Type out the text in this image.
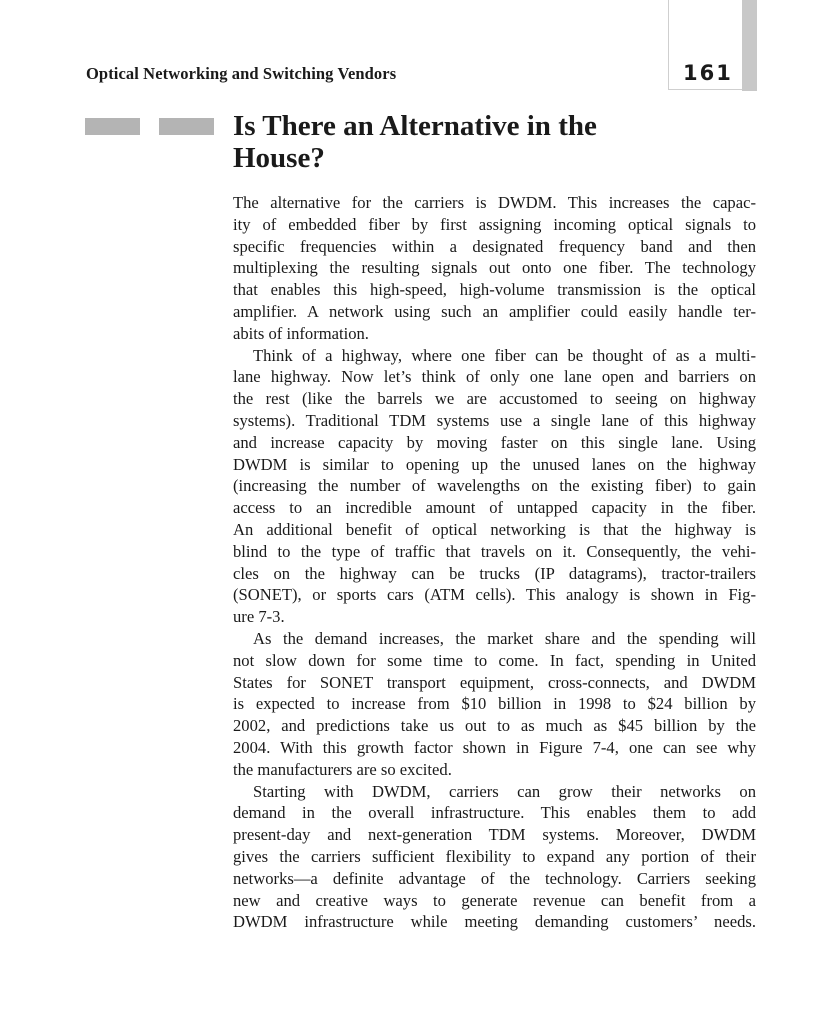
Optical Networking and Switching Vendors	161
Is There an Alternative in the
House?
The alternative for the carriers is DWDM. This increases the capac-
ity of embedded fiber by first assigning incoming optical signals to
specific frequencies within a designated frequency band and then
multiplexing the resulting signals out onto one fiber. The technology
that enables this high-speed, high-volume transmission is the optical
amplifier. A network using such an amplifier could easily handle ter-
abits of information.
Think of a highway, where one fiber can be thought of as a multi-
lane highway. Now let’s think of only one lane open and barriers on
the rest (like the barrels we are accustomed to seeing on highway
systems). Traditional TDM systems use a single lane of this highway
and increase capacity by moving faster on this single lane. Using
DWDM is similar to opening up the unused lanes on the highway
(increasing the number of wavelengths on the existing fiber) to gain
access to an incredible amount of untapped capacity in the fiber.
An additional benefit of optical networking is that the highway is
blind to the type of traffic that travels on it. Consequently, the vehi-
cles on the highway can be trucks (IP datagrams), tractor-trailers
(SONET), or sports cars (ATM cells). This analogy is shown in Fig-
ure 7-3.
As the demand increases, the market share and the spending will
not slow down for some time to come. In fact, spending in United
States for SONET transport equipment, cross-connects, and DWDM
is expected to increase from $10 billion in 1998 to $24 billion by
2002, and predictions take us out to as much as $45 billion by the
2004. With this growth factor shown in Figure 7-4, one can see why
the manufacturers are so excited.
Starting with DWDM, carriers can grow their networks on
demand in the overall infrastructure. This enables them to add
present-day and next-generation TDM systems. Moreover, DWDM
gives the carriers sufficient flexibility to expand any portion of their
networks—a definite advantage of the technology. Carriers seeking
new and creative ways to generate revenue can benefit from a
DWDM infrastructure while meeting demanding customers’ needs.
